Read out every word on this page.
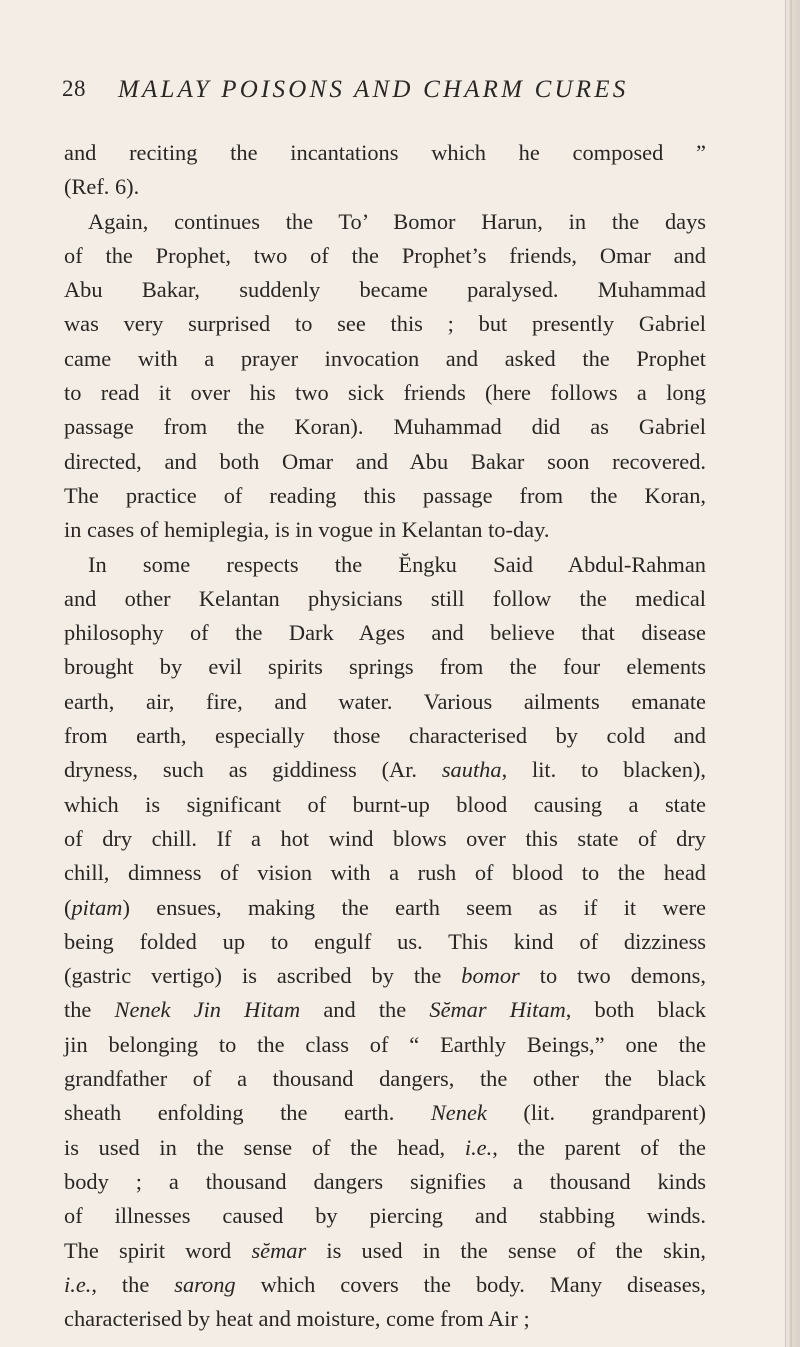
28 MALAY POISONS AND CHARM CURES
and reciting the incantations which he composed ”
(Ref. 6).
Again, continues the To’ Bomor Harun, in the days
of the Prophet, two of the Prophet’s friends, Omar and
Abu Bakar, suddenly became paralysed. Muhammad
was very surprised to see this ; but presently Gabriel
came with a prayer invocation and asked the Prophet
to read it over his two sick friends (here follows a long
passage from the Koran). Muhammad did as Gabriel
directed, and both Omar and Abu Bakar soon recovered.
The practice of reading this passage from the Koran,
in cases of hemiplegia, is in vogue in Kelantan to-day.
In some respects the Ĕngku Said Abdul-Rahman
and other Kelantan physicians still follow the medical
philosophy of the Dark Ages and believe that disease
brought by evil spirits springs from the four elements
earth, air, fire, and water. Various ailments emanate
from earth, especially those characterised by cold and
dryness, such as giddiness (Ar. sautha, lit. to blacken),
which is significant of burnt-up blood causing a state
of dry chill. If a hot wind blows over this state of dry
chill, dimness of vision with a rush of blood to the head
(pitam) ensues, making the earth seem as if it were
being folded up to engulf us. This kind of dizziness
(gastric vertigo) is ascribed by the bomor to two demons,
the Nenek Jin Hitam and the Sĕmar Hitam, both black
jin belonging to the class of “ Earthly Beings,” one the
grandfather of a thousand dangers, the other the black
sheath enfolding the earth. Nenek (lit. grandparent)
is used in the sense of the head, i.e., the parent of the
body ; a thousand dangers signifies a thousand kinds
of illnesses caused by piercing and stabbing winds.
The spirit word sĕmar is used in the sense of the skin,
i.e., the sarong which covers the body. Many diseases,
characterised by heat and moisture, come from Air ;
